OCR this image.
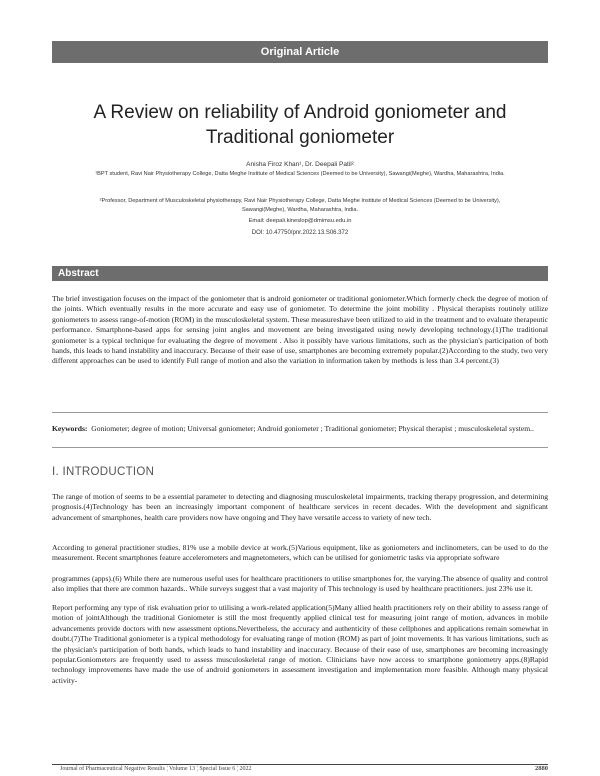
Original Article
A Review on reliability of Android goniometer and Traditional goniometer
Anisha Firoz Khan¹, Dr. Deepali Patil²
¹BPT student, Ravi Nair Physiotherapy College, Datta Meghe Institute of Medical Sciences (Deemed to be University), Sawangi(Meghe), Wardha, Maharashtra, India.
²Professor, Department of Musculoskeletal physiotherapy, Ravi Nair Physiotherapy College, Datta Meghe Institute of Medical Sciences (Deemed to be University), Sawangi(Meghe), Wardha, Maharashtra, India.
Email: deepali.kineslop@dmimsu.edu.in
DOI: 10.47750/pnr.2022.13.S06.372
Abstract

The brief investigation focuses on the impact of the goniometer that is android goniometer or traditional goniometer.Which formerly check the degree of motion of the joints. Which eventually results in the more accurate and easy use of goniometer. To determine the joint mobility . Physical therapists routinely utilize goniometers to assess range-of-motion (ROM) in the musculoskeletal system. These measureshave been utilized to aid in the treatment and to evaluate therapeutic performance. Smartphone-based apps for sensing joint angles and movement are being investigated using newly developing technology.(1)The traditional goniometer is a typical technique for evaluating the degree of movement . Also it possibly have various limitations, such as the physician's participation of both hands, this leads to hand instability and inaccuracy. Because of their ease of use, smartphones are becoming extremely popular.(2)According to the study, two very different approaches can be used to identify Full range of motion and also the variation in information taken by methods is less than 3.4 percent.(3)

Keywords: Goniometer; degree of motion; Universal goniometer; Android goniometer ; Traditional goniometer; Physical therapist ; musculoskeletal system..

I. INTRODUCTION

The range of motion of seems to be a essential parameter to detecting and diagnosing musculoskeletal impairments, tracking therapy progression, and determining prognosis.(4)Technology has been an increasingly important component of healthcare services in recent decades. With the development and significant advancement of smartphones, health care providers now have ongoing and They have versatile access to variety of new tech.

According to general practitioner studies, 81% use a mobile device at work.(5)Various equipment, like as goniometers and inclinometers, can be used to do the measurement. Recent smartphones feature accelerometers and magnetometers, which can be utilised for goniometric tasks via appropriate software

programmes (apps).(6) While there are numerous useful uses for healthcare practitioners to utilise smartphones for, the varying.The absence of quality and control also implies that there are common hazards.. While surveys suggest that a vast majority of This technology is used by healthcare practitioners. just 23% use it.

Report performing any type of risk evaluation prior to utilising a work-related application(5)Many allied health practitioners rely on their ability to assess range of motion of jointAlthough the traditional Goniometer is still the most frequently applied clinical test for measuring joint range of motion, advances in mobile advancements provide doctors with new assessment options.Nevertheless, the accuracy and authenticity of these cellphones and applications remain somewhat in doubt.(7)The Traditional goniometer is a typical methodology for evaluating range of motion (ROM) as part of joint movements. It has various limitations, such as the physician's participation of both hands, which leads to hand instability and inaccuracy. Because of their ease of use, smartphones are becoming increasingly popular.Goniometers are frequently used to assess musculoskeletal range of motion. Clinicians have now access to smartphone goniometry apps.(8)Rapid technology improvements have made the use of android goniometers in assessment investigation and implementation more feasible. Although many physical activity-

Journal of Pharmaceutical Negative Results ¦ Volume 13 ¦ Special Issue 6 ¦ 2022	2880
